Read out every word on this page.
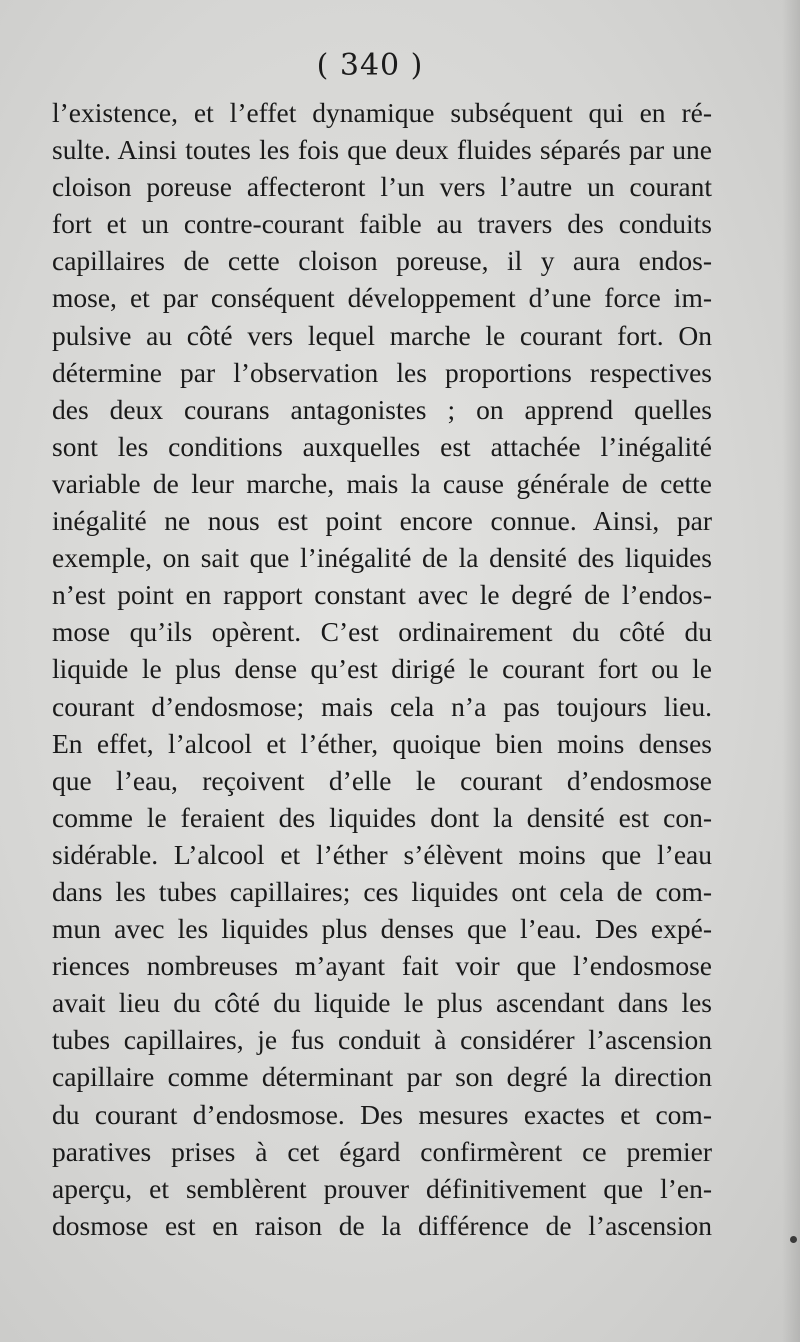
( 340 )
l’existence, et l’effet dynamique subséquent qui en ré-
sulte. Ainsi toutes les fois que deux fluides séparés par une
cloison poreuse affecteront l’un vers l’autre un courant
fort et un contre-courant faible au travers des conduits
capillaires de cette cloison poreuse, il y aura endos-
mose, et par conséquent développement d’une force im-
pulsive au côté vers lequel marche le courant fort. On
détermine par l’observation les proportions respectives
des deux courans antagonistes ; on apprend quelles
sont les conditions auxquelles est attachée l’inégalité
variable de leur marche, mais la cause générale de cette
inégalité ne nous est point encore connue. Ainsi, par
exemple, on sait que l’inégalité de la densité des liquides
n’est point en rapport constant avec le degré de l’endos-
mose qu’ils opèrent. C’est ordinairement du côté du
liquide le plus dense qu’est dirigé le courant fort ou le
courant d’endosmose; mais cela n’a pas toujours lieu.
En effet, l’alcool et l’éther, quoique bien moins denses
que l’eau, reçoivent d’elle le courant d’endosmose
comme le feraient des liquides dont la densité est con-
sidérable. L’alcool et l’éther s’élèvent moins que l’eau
dans les tubes capillaires; ces liquides ont cela de com-
mun avec les liquides plus denses que l’eau. Des expé-
riences nombreuses m’ayant fait voir que l’endosmose
avait lieu du côté du liquide le plus ascendant dans les
tubes capillaires, je fus conduit à considérer l’ascension
capillaire comme déterminant par son degré la direction
du courant d’endosmose. Des mesures exactes et com-
paratives prises à cet égard confirmèrent ce premier
aperçu, et semblèrent prouver définitivement que l’en-
dosmose est en raison de la différence de l’ascension
